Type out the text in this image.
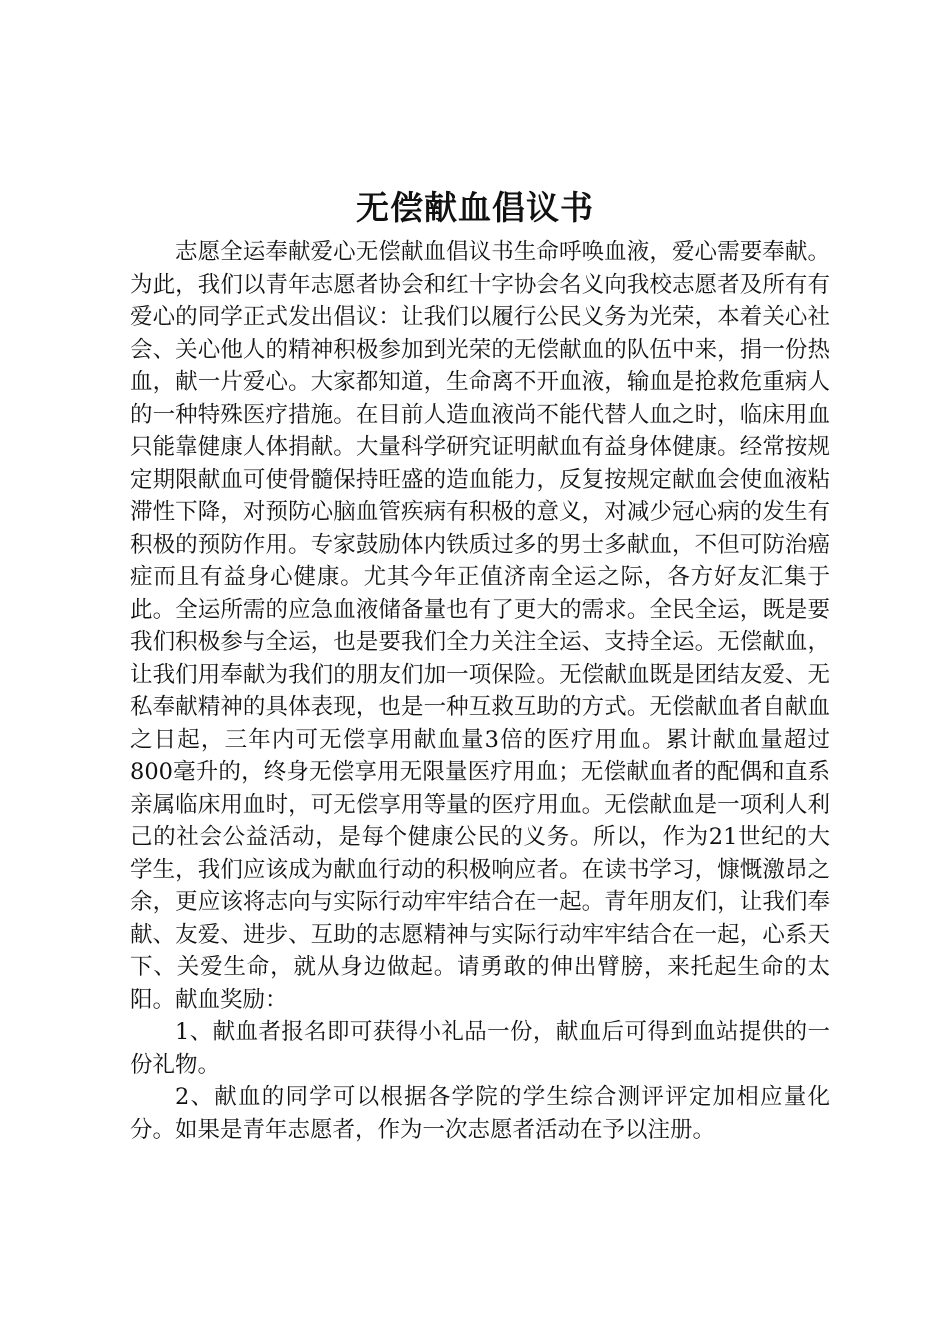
无偿献血倡议书

志愿全运奉献爱心无偿献血倡议书生命呼唤血液，爱心需要奉献。为此，我们以青年志愿者协会和红十字协会名义向我校志愿者及所有有爱心的同学正式发出倡议：让我们以履行公民义务为光荣，本着关心社会、关心他人的精神积极参加到光荣的无偿献血的队伍中来，捐一份热血，献一片爱心。大家都知道，生命离不开血液，输血是抢救危重病人的一种特殊医疗措施。在目前人造血液尚不能代替人血之时，临床用血只能靠健康人体捐献。大量科学研究证明献血有益身体健康。经常按规定期限献血可使骨髓保持旺盛的造血能力，反复按规定献血会使血液粘滞性下降，对预防心脑血管疾病有积极的意义，对减少冠心病的发生有积极的预防作用。专家鼓励体内铁质过多的男士多献血，不但可防治癌症而且有益身心健康。尤其今年正值济南全运之际，各方好友汇集于此。全运所需的应急血液储备量也有了更大的需求。全民全运，既是要我们积极参与全运，也是要我们全力关注全运、支持全运。无偿献血，让我们用奉献为我们的朋友们加一项保险。无偿献血既是团结友爱、无私奉献精神的具体表现，也是一种互救互助的方式。无偿献血者自献血之日起，三年内可无偿享用献血量3倍的医疗用血。累计献血量超过800毫升的，终身无偿享用无限量医疗用血；无偿献血者的配偶和直系亲属临床用血时，可无偿享用等量的医疗用血。无偿献血是一项利人利己的社会公益活动，是每个健康公民的义务。所以，作为21世纪的大学生，我们应该成为献血行动的积极响应者。在读书学习，慷慨激昂之余，更应该将志向与实际行动牢牢结合在一起。青年朋友们，让我们奉献、友爱、进步、互助的志愿精神与实际行动牢牢结合在一起，心系天下、关爱生命，就从身边做起。请勇敢的伸出臂膀，来托起生命的太阳。献血奖励：

1、献血者报名即可获得小礼品一份，献血后可得到血站提供的一份礼物。

2、献血的同学可以根据各学院的学生综合测评评定加相应量化分。如果是青年志愿者，作为一次志愿者活动在予以注册。
